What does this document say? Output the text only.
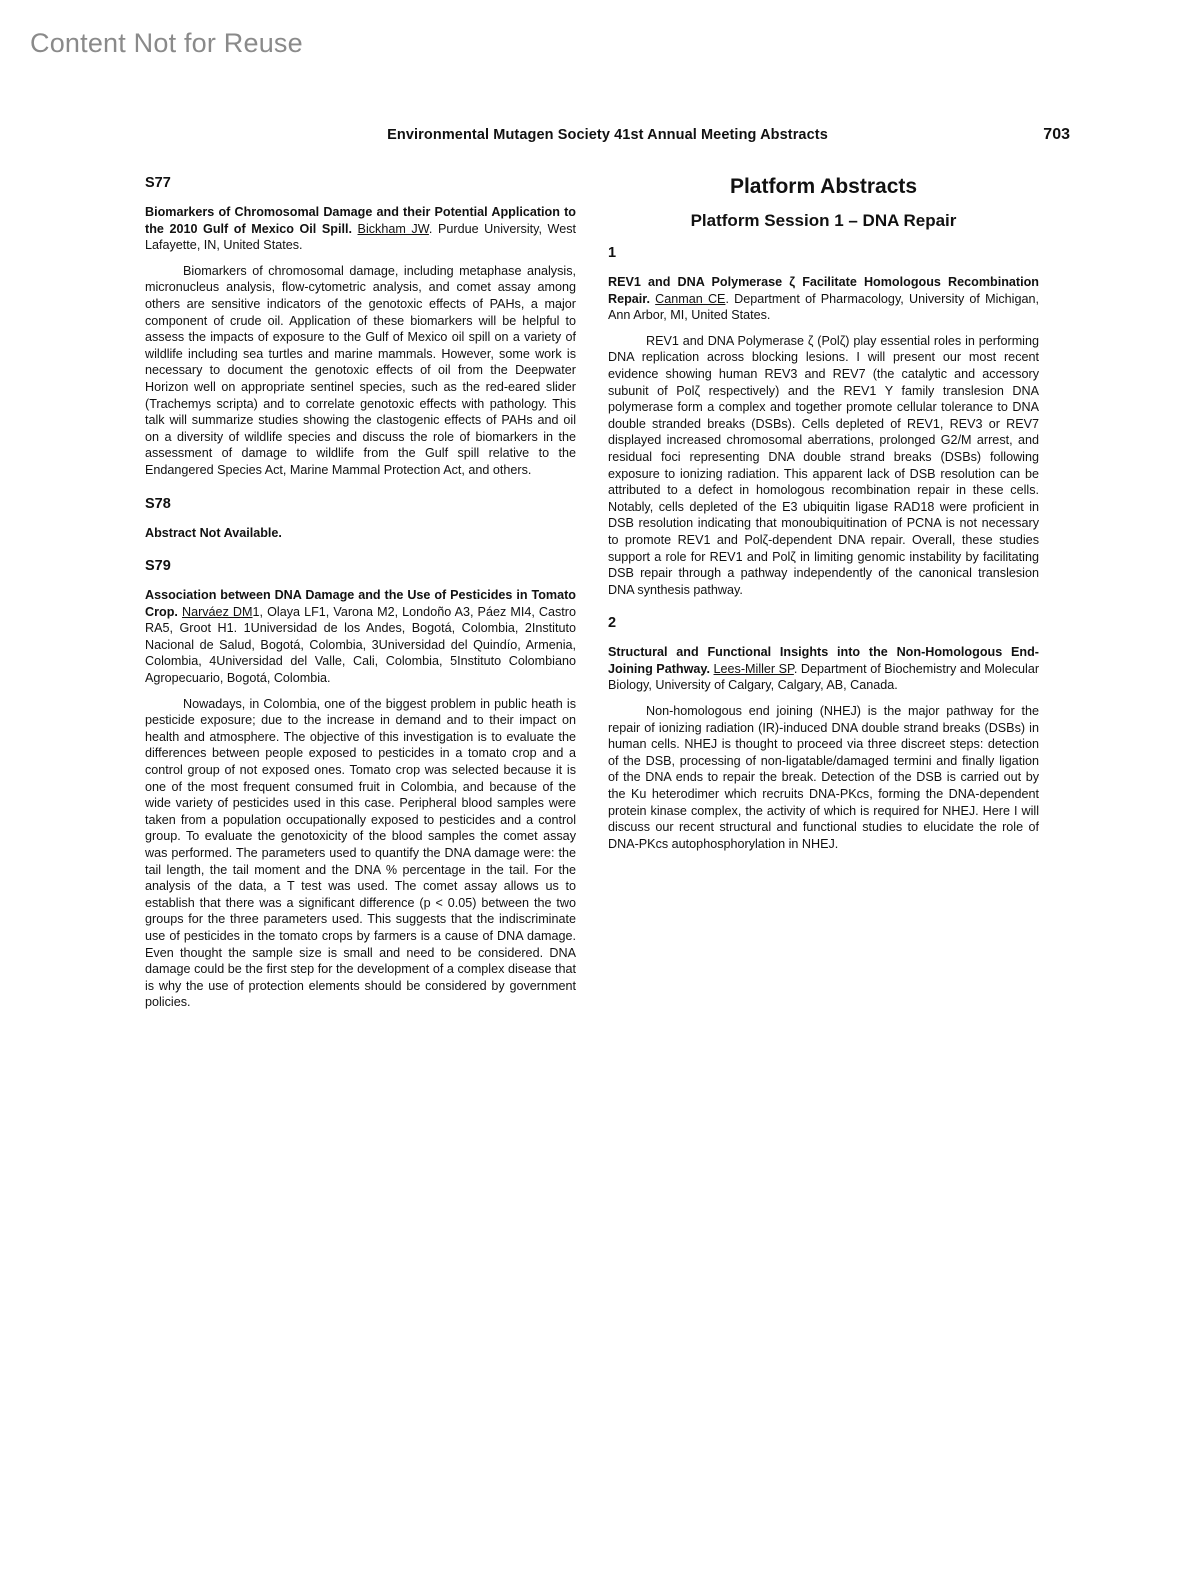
Content Not for Reuse
Environmental Mutagen Society 41st Annual Meeting Abstracts	703
S77

Biomarkers of Chromosomal Damage and their Potential Application to the 2010 Gulf of Mexico Oil Spill. Bickham JW. Purdue University, West Lafayette, IN, United States.

Biomarkers of chromosomal damage, including metaphase analysis, micronucleus analysis, flow-cytometric analysis, and comet assay among others are sensitive indicators of the genotoxic effects of PAHs, a major component of crude oil. Application of these biomarkers will be helpful to assess the impacts of exposure to the Gulf of Mexico oil spill on a variety of wildlife including sea turtles and marine mammals. However, some work is necessary to document the genotoxic effects of oil from the Deepwater Horizon well on appropriate sentinel species, such as the red-eared slider (Trachemys scripta) and to correlate genotoxic effects with pathology. This talk will summarize studies showing the clastogenic effects of PAHs and oil on a diversity of wildlife species and discuss the role of biomarkers in the assessment of damage to wildlife from the Gulf spill relative to the Endangered Species Act, Marine Mammal Protection Act, and others.

S78

Abstract Not Available.

S79

Association between DNA Damage and the Use of Pesticides in Tomato Crop. Narváez DM1, Olaya LF1, Varona M2, Londoño A3, Páez MI4, Castro RA5, Groot H1. 1Universidad de los Andes, Bogotá, Colombia, 2Instituto Nacional de Salud, Bogotá, Colombia, 3Universidad del Quindío, Armenia, Colombia, 4Universidad del Valle, Cali, Colombia, 5Instituto Colombiano Agropecuario, Bogotá, Colombia.

Nowadays, in Colombia, one of the biggest problem in public heath is pesticide exposure; due to the increase in demand and to their impact on health and atmosphere. The objective of this investigation is to evaluate the differences between people exposed to pesticides in a tomato crop and a control group of not exposed ones. Tomato crop was selected because it is one of the most frequent consumed fruit in Colombia, and because of the wide variety of pesticides used in this case. Peripheral blood samples were taken from a population occupationally exposed to pesticides and a control group. To evaluate the genotoxicity of the blood samples the comet assay was performed. The parameters used to quantify the DNA damage were: the tail length, the tail moment and the DNA % percentage in the tail. For the analysis of the data, a T test was used. The comet assay allows us to establish that there was a significant difference (p < 0.05) between the two groups for the three parameters used. This suggests that the indiscriminate use of pesticides in the tomato crops by farmers is a cause of DNA damage. Even thought the sample size is small and need to be considered. DNA damage could be the first step for the development of a complex disease that is why the use of protection elements should be considered by government policies.

Platform Abstracts
Platform Session 1 – DNA Repair
1

REV1 and DNA Polymerase ζ Facilitate Homologous Recombination Repair. Canman CE. Department of Pharmacology, University of Michigan, Ann Arbor, MI, United States.

REV1 and DNA Polymerase ζ (Polζ) play essential roles in performing DNA replication across blocking lesions. I will present our most recent evidence showing human REV3 and REV7 (the catalytic and accessory subunit of Polζ respectively) and the REV1 Y family translesion DNA polymerase form a complex and together promote cellular tolerance to DNA double stranded breaks (DSBs). Cells depleted of REV1, REV3 or REV7 displayed increased chromosomal aberrations, prolonged G2/M arrest, and residual foci representing DNA double strand breaks (DSBs) following exposure to ionizing radiation. This apparent lack of DSB resolution can be attributed to a defect in homologous recombination repair in these cells. Notably, cells depleted of the E3 ubiquitin ligase RAD18 were proficient in DSB resolution indicating that monoubiquitination of PCNA is not necessary to promote REV1 and Polζ-dependent DNA repair. Overall, these studies support a role for REV1 and Polζ in limiting genomic instability by facilitating DSB repair through a pathway independently of the canonical translesion DNA synthesis pathway.

2

Structural and Functional Insights into the Non-Homologous End-Joining Pathway. Lees-Miller SP. Department of Biochemistry and Molecular Biology, University of Calgary, Calgary, AB, Canada.

Non-homologous end joining (NHEJ) is the major pathway for the repair of ionizing radiation (IR)-induced DNA double strand breaks (DSBs) in human cells. NHEJ is thought to proceed via three discreet steps: detection of the DSB, processing of non-ligatable/damaged termini and finally ligation of the DNA ends to repair the break. Detection of the DSB is carried out by the Ku heterodimer which recruits DNA-PKcs, forming the DNA-dependent protein kinase complex, the activity of which is required for NHEJ. Here I will discuss our recent structural and functional studies to elucidate the role of DNA-PKcs autophosphorylation in NHEJ.
